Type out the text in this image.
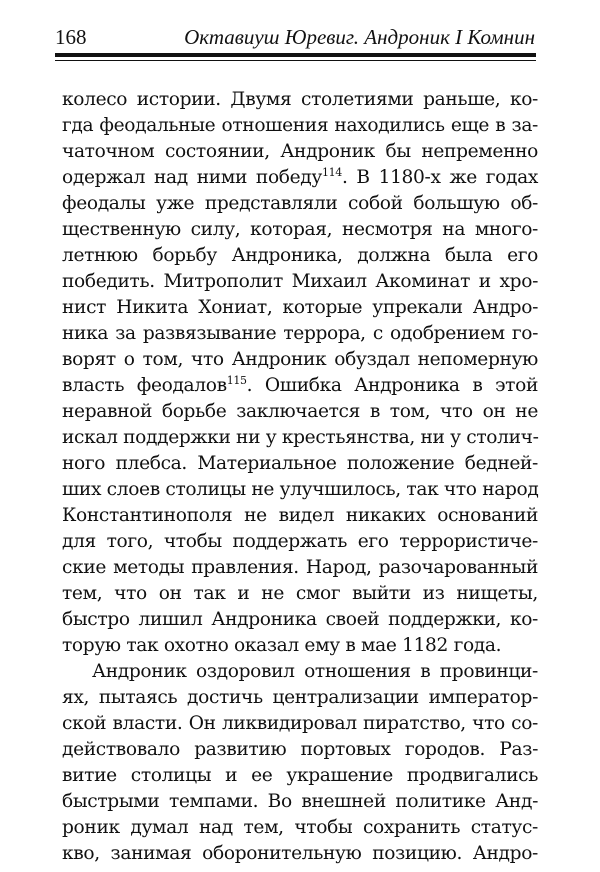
168	Октавиуш Юревиг. Андроник I Комнин
колесо истории. Двумя столетиями раньше, ко-
гда феодальные отношения находились еще в за-
чаточном состоянии, Андроник бы непременно
одержал над ними победу$^{114}$. В 1180-х же годах
феодалы уже представляли собой большую об-
щественную силу, которая, несмотря на много-
летнюю борьбу Андроника, должна была его
победить. Митрополит Михаил Акоминат и хро-
нист Никита Хониат, которые упрекали Андро-
ника за развязывание террора, с одобрением го-
ворят о том, что Андроник обуздал непомерную
власть феодалов$^{115}$. Ошибка Андроника в этой
неравной борьбе заключается в том, что он не
искал поддержки ни у крестьянства, ни у столич-
ного плебса. Материальное положение бедней-
ших слоев столицы не улучшилось, так что народ
Константинополя не видел никаких оснований
для того, чтобы поддержать его террористиче-
ские методы правления. Народ, разочарованный
тем, что он так и не смог выйти из нищеты,
быстро лишил Андроника своей поддержки, ко-
торую так охотно оказал ему в мае 1182 года.
Андроник оздоровил отношения в провинци-
ях, пытаясь достичь централизации император-
ской власти. Он ликвидировал пиратство, что со-
действовало развитию портовых городов. Раз-
витие столицы и ее украшение продвигались
быстрыми темпами. Во внешней политике Анд-
роник думал над тем, чтобы сохранить статус-
кво, занимая оборонительную позицию. Андро-
